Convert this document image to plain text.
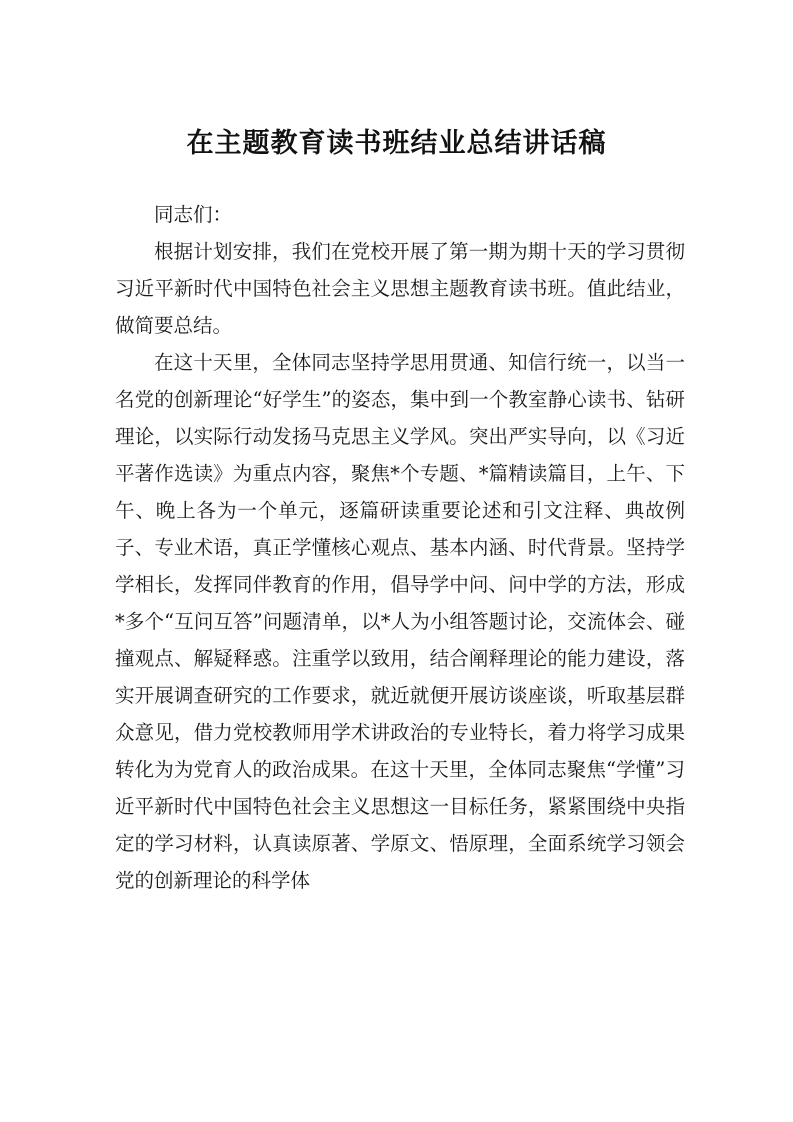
在主题教育读书班结业总结讲话稿

同志们：

根据计划安排，我们在党校开展了第一期为期十天的学习贯彻习近平新时代中国特色社会主义思想主题教育读书班。值此结业，做简要总结。

在这十天里，全体同志坚持学思用贯通、知信行统一，以当一名党的创新理论“好学生”的姿态，集中到一个教室静心读书、钻研理论，以实际行动发扬马克思主义学风。突出严实导向，以《习近平著作选读》为重点内容，聚焦*个专题、*篇精读篇目，上午、下午、晚上各为一个单元，逐篇研读重要论述和引文注释、典故例子、专业术语，真正学懂核心观点、基本内涵、时代背景。坚持学学相长，发挥同伴教育的作用，倡导学中问、问中学的方法，形成*多个“互问互答”问题清单，以*人为小组答题讨论，交流体会、碰撞观点、解疑释惑。注重学以致用，结合阐释理论的能力建设，落实开展调查研究的工作要求，就近就便开展访谈座谈，听取基层群众意见，借力党校教师用学术讲政治的专业特长，着力将学习成果转化为为党育人的政治成果。在这十天里，全体同志聚焦“学懂”习近平新时代中国特色社会主义思想这一目标任务，紧紧围绕中央指定的学习材料，认真读原著、学原文、悟原理，全面系统学习领会党的创新理论的科学体
